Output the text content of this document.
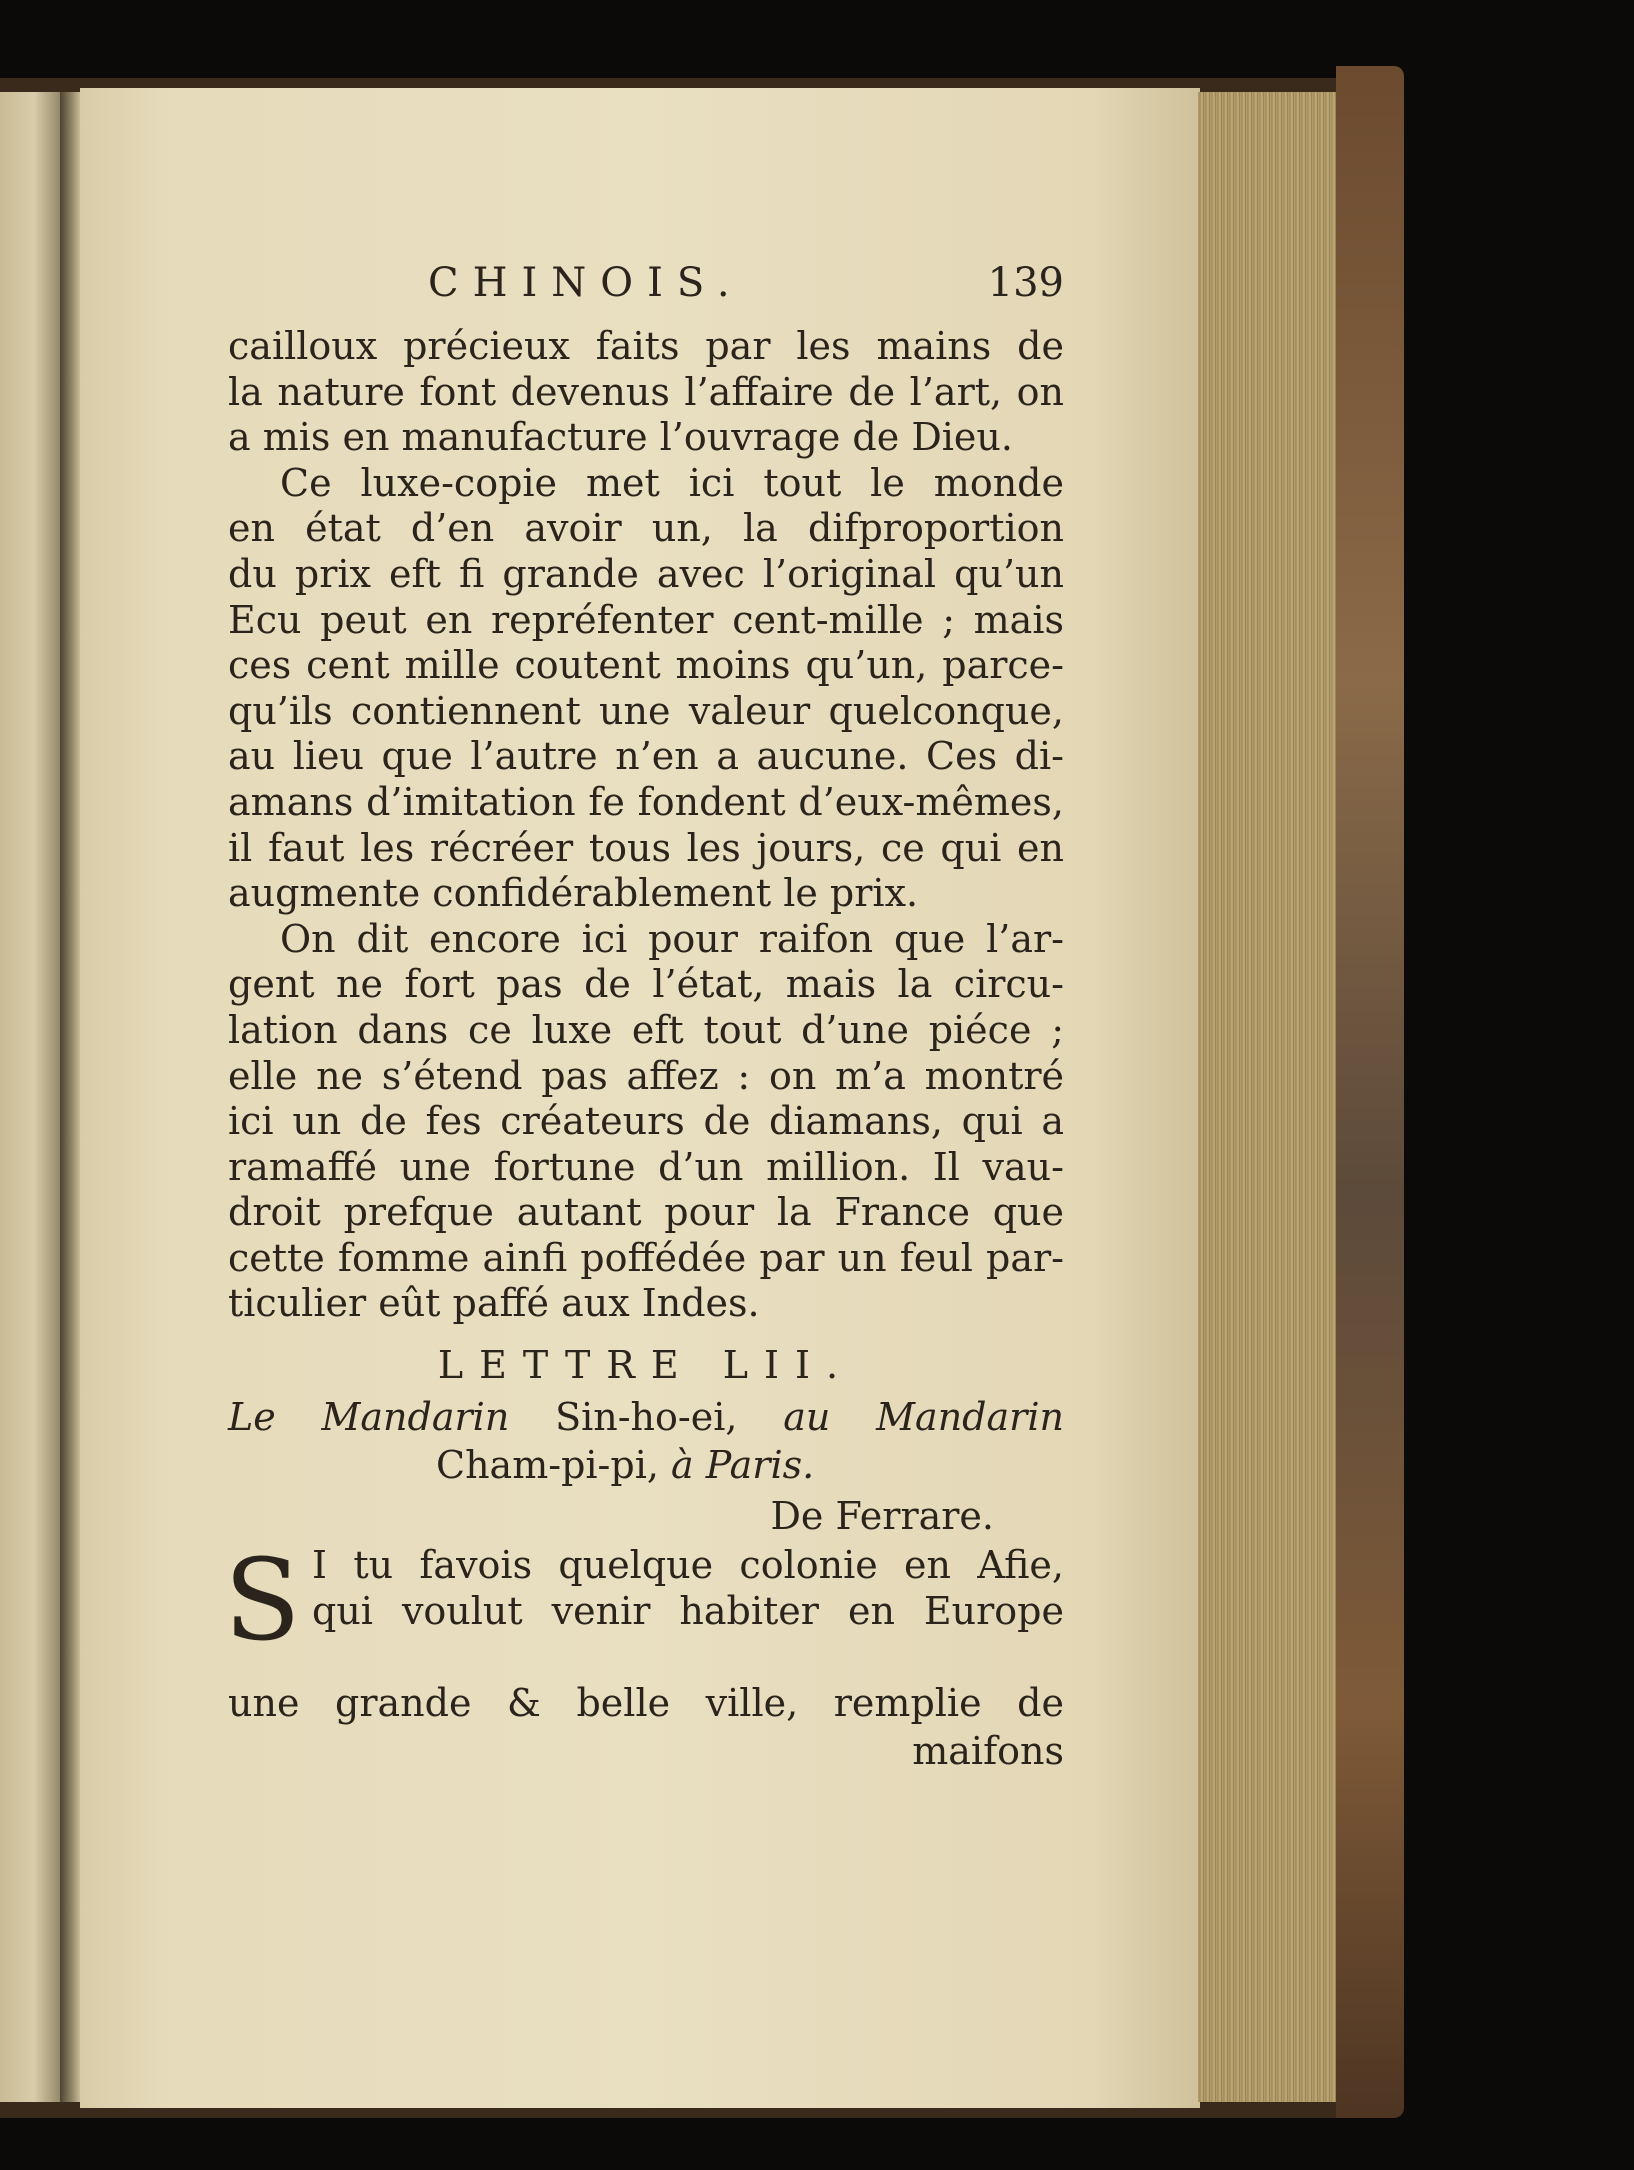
CHINOIS.	139
cailloux précieux faits par les mains de
la nature font devenus l’affaire de l’art, on
a mis en manufacture l’ouvrage de Dieu.
Ce luxe-copie met ici tout le monde
en état d’en avoir un, la difproportion
du prix eft fi grande avec l’original qu’un
Ecu peut en repréfenter cent-mille ; mais
ces cent mille coutent moins qu’un, parce-
qu’ils contiennent une valeur quelconque,
au lieu que l’autre n’en a aucune. Ces di-
amans d’imitation fe fondent d’eux-mêmes,
il faut les récréer tous les jours, ce qui en
augmente confidérablement le prix.
On dit encore ici pour raifon que l’ar-
gent ne fort pas de l’état, mais la circu-
lation dans ce luxe eft tout d’une piéce ;
elle ne s’étend pas affez : on m’a montré
ici un de fes créateurs de diamans, qui a
ramaffé une fortune d’un million. Il vau-
droit prefque autant pour la France que
cette fomme ainfi poffédée par un feul par-
ticulier eût paffé aux Indes.
LETTRE LII.
Le Mandarin Sin-ho-ei, au Mandarin
Cham-pi-pi, à Paris.
De Ferrare.
S I tu favois quelque colonie en Afie,
qui voulut venir habiter en Europe
une grande & belle ville, remplie de
maifons
